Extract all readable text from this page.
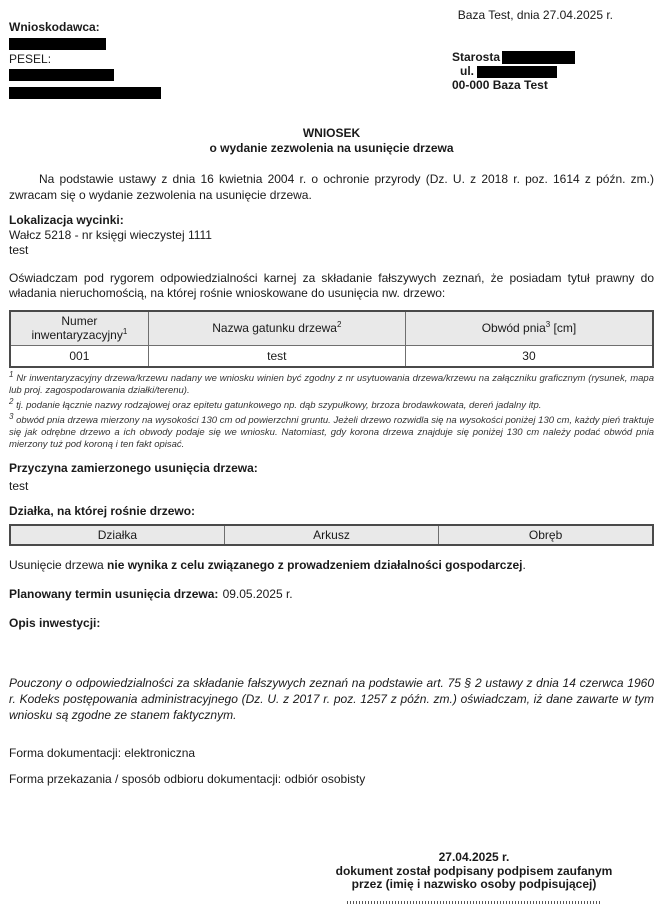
Baza Test, dnia 27.04.2025 r.
Wnioskodawca:
PESEL:	Starosta
ul.
00-000 Baza Test
WNIOSEK
o wydanie zezwolenia na usunięcie drzewa

Na podstawie ustawy z dnia 16 kwietnia 2004 r. o ochronie przyrody (Dz. U. z 2018 r. poz. 1614 z późn. zm.) zwracam się o wydanie zezwolenia na usunięcie drzewa.

Lokalizacja wycinki:
Wałcz 5218 - nr księgi wieczystej 1111
test

Oświadczam pod rygorem odpowiedzialności karnej za składanie fałszywych zeznań, że posiadam tytuł prawny do władania nieruchomością, na której rośnie wnioskowane do usunięcia nw. drzewo:

Numer inwentaryzacyjny$^1$	Nazwa gatunku drzewa$^2$	Obwód pnia$^3$ [cm]
001	test	30
$^1$ Nr inwentaryzacyjny drzewa/krzewu nadany we wniosku winien być zgodny z nr usytuowania drzewa/krzewu na załączniku graficznym (rysunek, mapa lub proj. zagospodarowania działki/terenu).
$^2$ tj. podanie łącznie nazwy rodzajowej oraz epitetu gatunkowego np. dąb szypułkowy, brzoza brodawkowata, dereń jadalny itp.
$^3$ obwód pnia drzewa mierzony na wysokości 130 cm od powierzchni gruntu. Jeżeli drzewo rozwidla się na wysokości poniżej 130 cm, każdy pień traktuje się jak odrębne drzewo a ich obwody podaje się we wniosku. Natomiast, gdy korona drzewa znajduje się poniżej 130 cm należy podać obwód pnia mierzony tuż pod koroną i ten fakt opisać.
Przyczyna zamierzonego usunięcia drzewa:
test
Działka, na której rośnie drzewo:
Działka	Arkusz	Obręb

Usunięcie drzewa nie wynika z celu związanego z prowadzeniem działalności gospodarczej.

Planowany termin usunięcia drzewa: 09.05.2025 r.

Opis inwestycji:

Pouczony o odpowiedzialności za składanie fałszywych zeznań na podstawie art. 75 § 2 ustawy z dnia 14 czerwca 1960 r. Kodeks postępowania administracyjnego (Dz. U. z 2017 r. poz. 1257 z późn. zm.) oświadczam, iż dane zawarte w tym wniosku są zgodne ze stanem faktycznym.

Forma dokumentacji: elektroniczna

Forma przekazania / sposób odbioru dokumentacji: odbiór osobisty

27.04.2025 r.
dokument został podpisany podpisem zaufanym
przez (imię i nazwisko osoby podpisującej)
